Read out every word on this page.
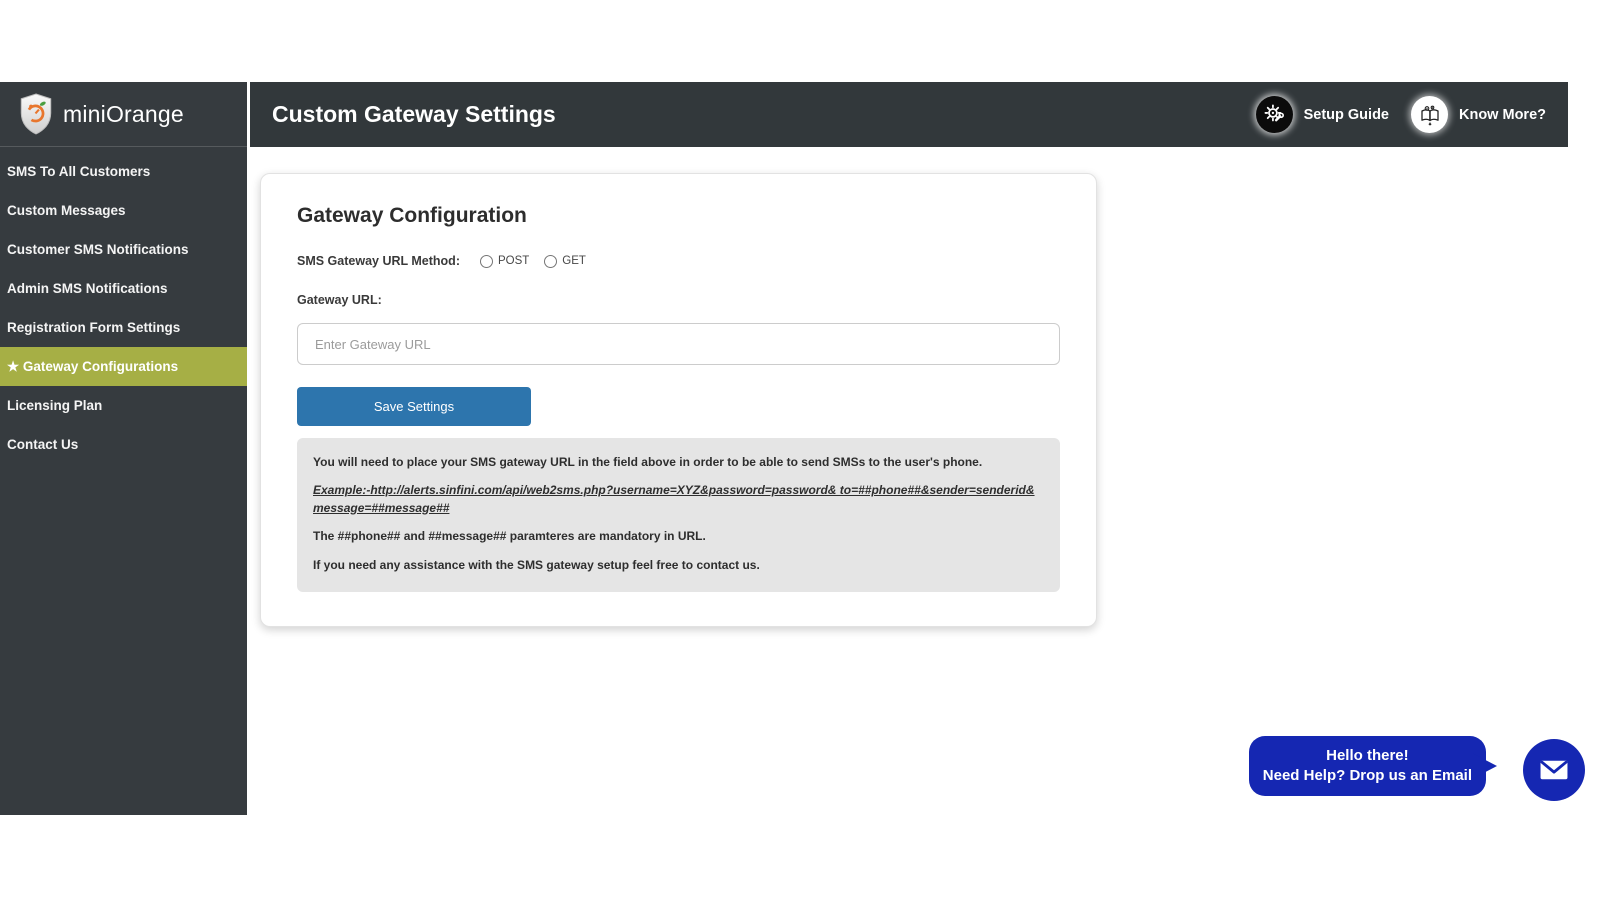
miniOrange
SMS To All Customers
Custom Messages
Customer SMS Notifications
Admin SMS Notifications
Registration Form Settings
★ Gateway Configurations
Licensing Plan
Contact Us
Custom Gateway Settings	Setup Guide	Know More?
Gateway Configuration
SMS Gateway URL Method:	POST	GET
Gateway URL:
Enter Gateway URL Save Settings

You will need to place your SMS gateway URL in the field above in order to be able to send SMSs to the user's phone.

Example:-http://alerts.sinfini.com/api/web2sms.php?username=XYZ&password=password& to=##phone##&sender=senderid& message=##message##

The ##phone## and ##message## paramteres are mandatory in URL.

If you need any assistance with the SMS gateway setup feel free to contact us.

Hello there!
Need Help? Drop us an Email
